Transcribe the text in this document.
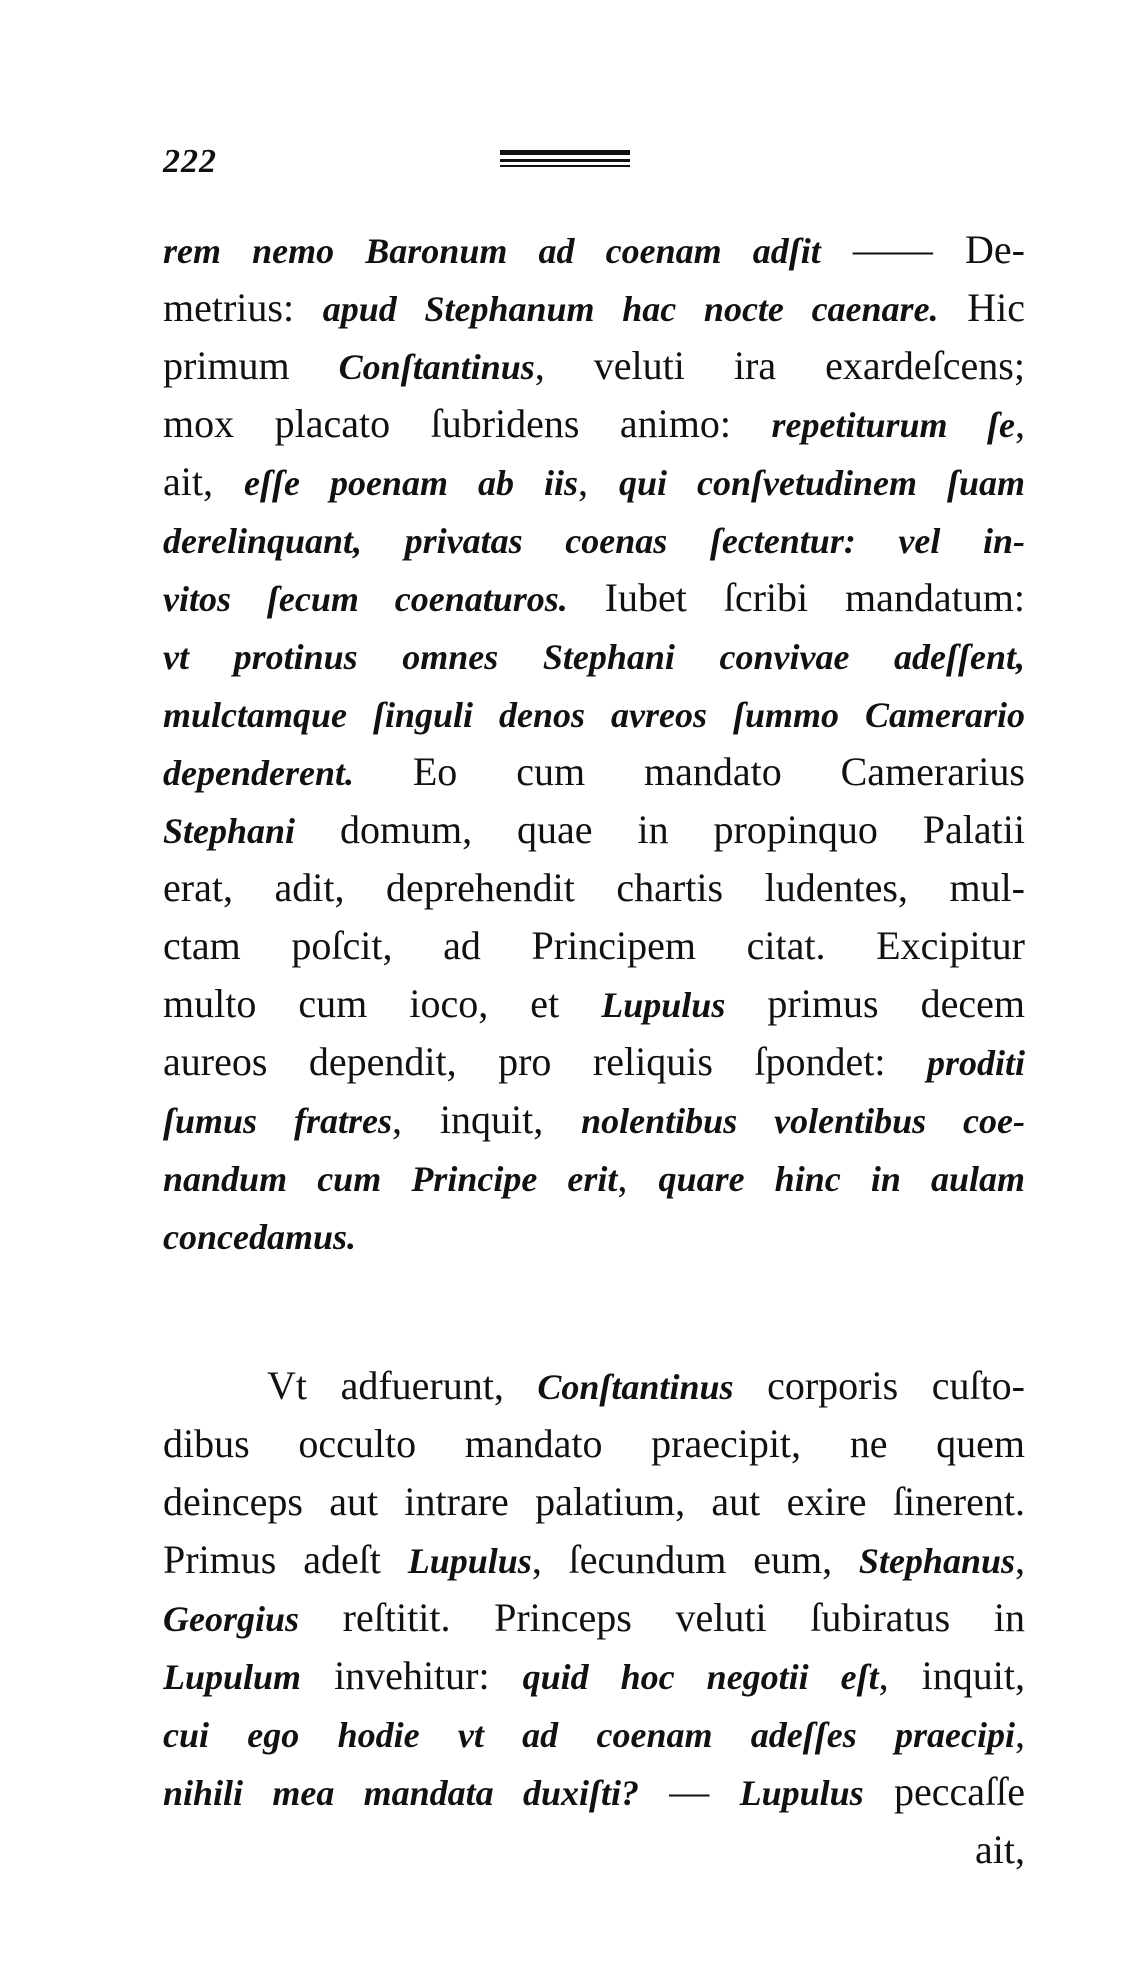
222
rem nemo Baronum ad coenam adſit —— De-
metrius: apud Stephanum hac nocte caenare. Hic
primum Conſtantinus, veluti ira exardeſcens;
mox placato ſubridens animo: repetiturum ſe,
ait, eſſe poenam ab iis, qui conſvetudinem ſuam
derelinquant, privatas coenas ſectentur: vel in-
vitos ſecum coenaturos. Iubet ſcribi mandatum:
vt protinus omnes Stephani convivae adeſſent,
mulctamque ſinguli denos avreos ſummo Camerario
dependerent. Eo cum mandato Camerarius
Stephani domum, quae in propinquo Palatii
erat, adit, deprehendit chartis ludentes, mul-
ctam poſcit, ad Principem citat. Excipitur
multo cum ioco, et Lupulus primus decem
aureos dependit, pro reliquis ſpondet: proditi
ſumus fratres, inquit, nolentibus volentibus coe-
nandum cum Principe erit, quare hinc in aulam
concedamus.
Vt adfuerunt, Conſtantinus corporis cuſto-
dibus occulto mandato praecipit, ne quem
deinceps aut intrare palatium, aut exire ſinerent.
Primus adeſt Lupulus, ſecundum eum, Stephanus,
Georgius reſtitit. Princeps veluti ſubiratus in
Lupulum invehitur: quid hoc negotii eſt, inquit,
cui ego hodie vt ad coenam adeſſes praecipi,
nihili mea mandata duxiſti? — Lupulus peccaſſe
ait,
